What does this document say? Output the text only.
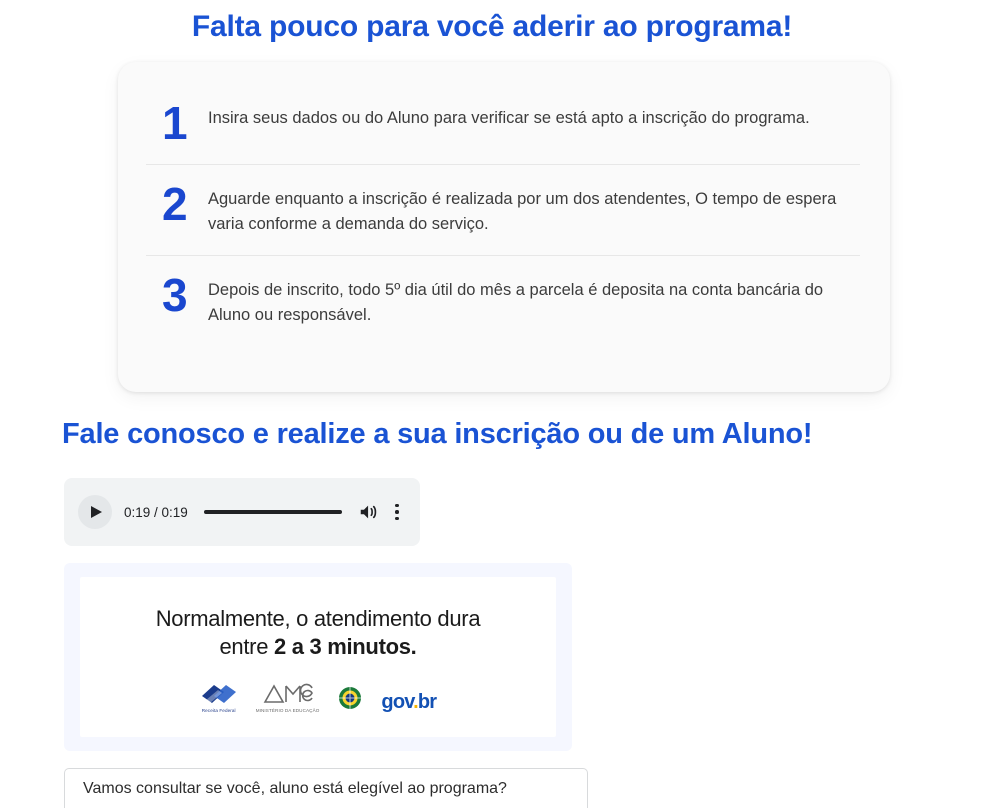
Falta pouco para você aderir ao programa!
1	Insira seus dados ou do Aluno para verificar se está apto a inscrição do programa.
2	Aguarde enquanto a inscrição é realizada por um dos atendentes, O tempo de espera varia conforme a demanda do serviço.
3	Depois de inscrito, todo 5º dia útil do mês a parcela é deposita na conta bancária do Aluno ou responsável.
Fale conosco e realize a sua inscrição ou de um Aluno!
0:19 / 0:19
Normalmente, o atendimento dura
entre 2 a 3 minutos.
Receita Federal	MINISTÉRIO DA EDUCAÇÃO	gov.br
Vamos consultar se você, aluno está elegível ao programa?
